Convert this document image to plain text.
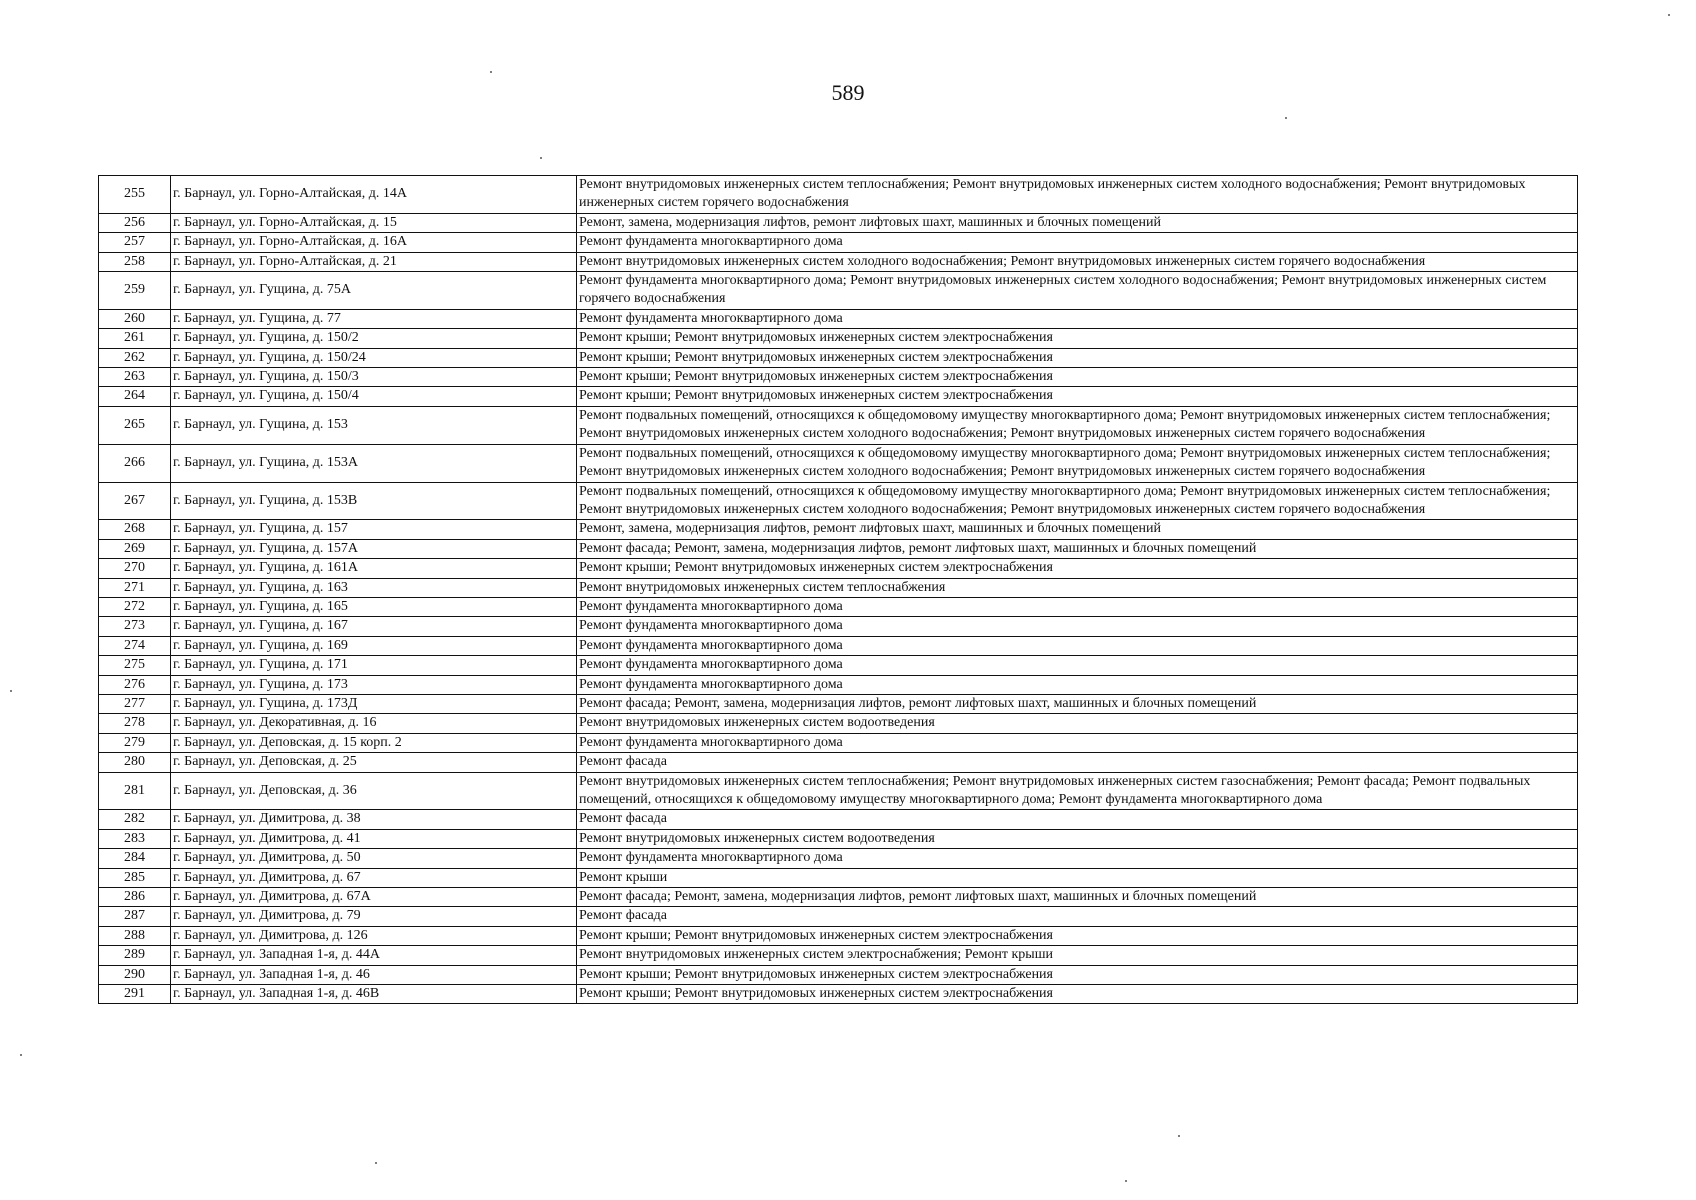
589
255	г. Барнаул, ул. Горно-Алтайская, д. 14А	Ремонт внутридомовых инженерных систем теплоснабжения; Ремонт внутридомовых инженерных систем холодного водоснабжения; Ремонт внутридомовых инженерных систем горячего водоснабжения
256	г. Барнаул, ул. Горно-Алтайская, д. 15	Ремонт, замена, модернизация лифтов, ремонт лифтовых шахт, машинных и блочных помещений
257	г. Барнаул, ул. Горно-Алтайская, д. 16А	Ремонт фундамента многоквартирного дома
258	г. Барнаул, ул. Горно-Алтайская, д. 21	Ремонт внутридомовых инженерных систем холодного водоснабжения; Ремонт внутридомовых инженерных систем горячего водоснабжения
259	г. Барнаул, ул. Гущина, д. 75А	Ремонт фундамента многоквартирного дома; Ремонт внутридомовых инженерных систем холодного водоснабжения; Ремонт внутридомовых инженерных систем горячего водоснабжения
260	г. Барнаул, ул. Гущина, д. 77	Ремонт фундамента многоквартирного дома
261	г. Барнаул, ул. Гущина, д. 150/2	Ремонт крыши; Ремонт внутридомовых инженерных систем электроснабжения
262	г. Барнаул, ул. Гущина, д. 150/24	Ремонт крыши; Ремонт внутридомовых инженерных систем электроснабжения
263	г. Барнаул, ул. Гущина, д. 150/3	Ремонт крыши; Ремонт внутридомовых инженерных систем электроснабжения
264	г. Барнаул, ул. Гущина, д. 150/4	Ремонт крыши; Ремонт внутридомовых инженерных систем электроснабжения
265	г. Барнаул, ул. Гущина, д. 153	Ремонт подвальных помещений, относящихся к общедомовому имуществу многоквартирного дома; Ремонт внутридомовых инженерных систем теплоснабжения; Ремонт внутридомовых инженерных систем холодного водоснабжения; Ремонт внутридомовых инженерных систем горячего водоснабжения
266	г. Барнаул, ул. Гущина, д. 153А	Ремонт подвальных помещений, относящихся к общедомовому имуществу многоквартирного дома; Ремонт внутридомовых инженерных систем теплоснабжения; Ремонт внутридомовых инженерных систем холодного водоснабжения; Ремонт внутридомовых инженерных систем горячего водоснабжения
267	г. Барнаул, ул. Гущина, д. 153В	Ремонт подвальных помещений, относящихся к общедомовому имуществу многоквартирного дома; Ремонт внутридомовых инженерных систем теплоснабжения; Ремонт внутридомовых инженерных систем холодного водоснабжения; Ремонт внутридомовых инженерных систем горячего водоснабжения
268	г. Барнаул, ул. Гущина, д. 157	Ремонт, замена, модернизация лифтов, ремонт лифтовых шахт, машинных и блочных помещений
269	г. Барнаул, ул. Гущина, д. 157А	Ремонт фасада; Ремонт, замена, модернизация лифтов, ремонт лифтовых шахт, машинных и блочных помещений
270	г. Барнаул, ул. Гущина, д. 161А	Ремонт крыши; Ремонт внутридомовых инженерных систем электроснабжения
271	г. Барнаул, ул. Гущина, д. 163	Ремонт внутридомовых инженерных систем теплоснабжения
272	г. Барнаул, ул. Гущина, д. 165	Ремонт фундамента многоквартирного дома
273	г. Барнаул, ул. Гущина, д. 167	Ремонт фундамента многоквартирного дома
274	г. Барнаул, ул. Гущина, д. 169	Ремонт фундамента многоквартирного дома
275	г. Барнаул, ул. Гущина, д. 171	Ремонт фундамента многоквартирного дома
276	г. Барнаул, ул. Гущина, д. 173	Ремонт фундамента многоквартирного дома
277	г. Барнаул, ул. Гущина, д. 173Д	Ремонт фасада; Ремонт, замена, модернизация лифтов, ремонт лифтовых шахт, машинных и блочных помещений
278	г. Барнаул, ул. Декоративная, д. 16	Ремонт внутридомовых инженерных систем водоотведения
279	г. Барнаул, ул. Деповская, д. 15 корп. 2	Ремонт фундамента многоквартирного дома
280	г. Барнаул, ул. Деповская, д. 25	Ремонт фасада
281	г. Барнаул, ул. Деповская, д. 36	Ремонт внутридомовых инженерных систем теплоснабжения; Ремонт внутридомовых инженерных систем газоснабжения; Ремонт фасада; Ремонт подвальных помещений, относящихся к общедомовому имуществу многоквартирного дома; Ремонт фундамента многоквартирного дома
282	г. Барнаул, ул. Димитрова, д. 38	Ремонт фасада
283	г. Барнаул, ул. Димитрова, д. 41	Ремонт внутридомовых инженерных систем водоотведения
284	г. Барнаул, ул. Димитрова, д. 50	Ремонт фундамента многоквартирного дома
285	г. Барнаул, ул. Димитрова, д. 67	Ремонт крыши
286	г. Барнаул, ул. Димитрова, д. 67А	Ремонт фасада; Ремонт, замена, модернизация лифтов, ремонт лифтовых шахт, машинных и блочных помещений
287	г. Барнаул, ул. Димитрова, д. 79	Ремонт фасада
288	г. Барнаул, ул. Димитрова, д. 126	Ремонт крыши; Ремонт внутридомовых инженерных систем электроснабжения
289	г. Барнаул, ул. Западная 1-я, д. 44А	Ремонт внутридомовых инженерных систем электроснабжения; Ремонт крыши
290	г. Барнаул, ул. Западная 1-я, д. 46	Ремонт крыши; Ремонт внутридомовых инженерных систем электроснабжения
291	г. Барнаул, ул. Западная 1-я, д. 46В	Ремонт крыши; Ремонт внутридомовых инженерных систем электроснабжения
